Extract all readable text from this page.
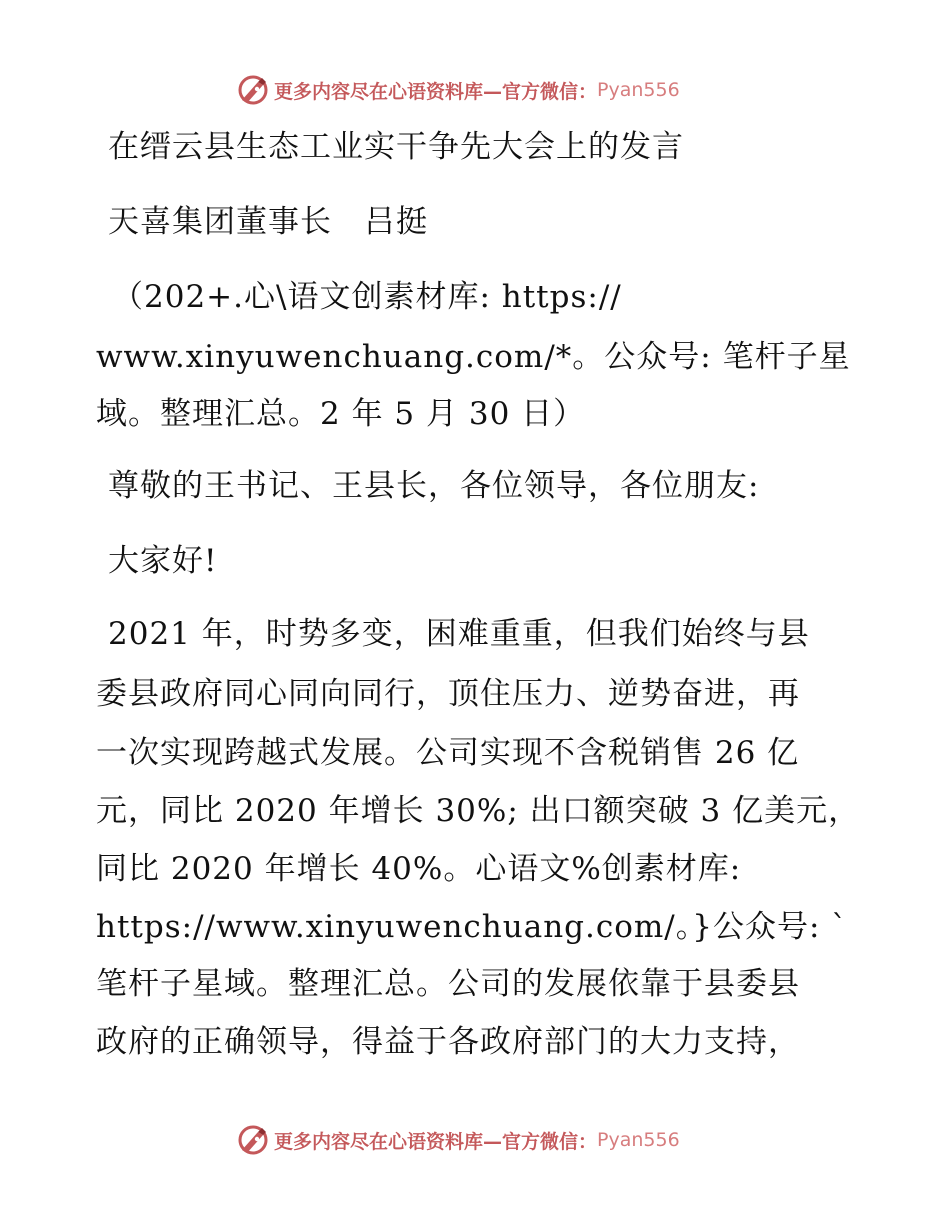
更多内容尽在心语资料库—官方微信： Pyan556
在缙云县生态工业实干争先大会上的发言
天喜集团董事长　吕挺
（202+.心\语文创素材库: https://
www.xinyuwenchuang.com/*。公众号: 笔杆子星
域。整理汇总。2 年 5 月 30 日）
尊敬的王书记、王县长，各位领导，各位朋友:
大家好!
2021 年，时势多变，困难重重，但我们始终与县
委县政府同心同向同行，顶住压力、逆势奋进，再
一次实现跨越式发展。公司实现不含税销售 26 亿
元，同比 2020 年增长 30%; 出口额突破 3 亿美元，
同比 2020 年增长 40%。心语文%创素材库:
https://www.xinyuwenchuang.com/。}公众号: `
笔杆子星域。整理汇总。公司的发展依靠于县委县
政府的正确领导，得益于各政府部门的大力支持，
更多内容尽在心语资料库—官方微信： Pyan556
